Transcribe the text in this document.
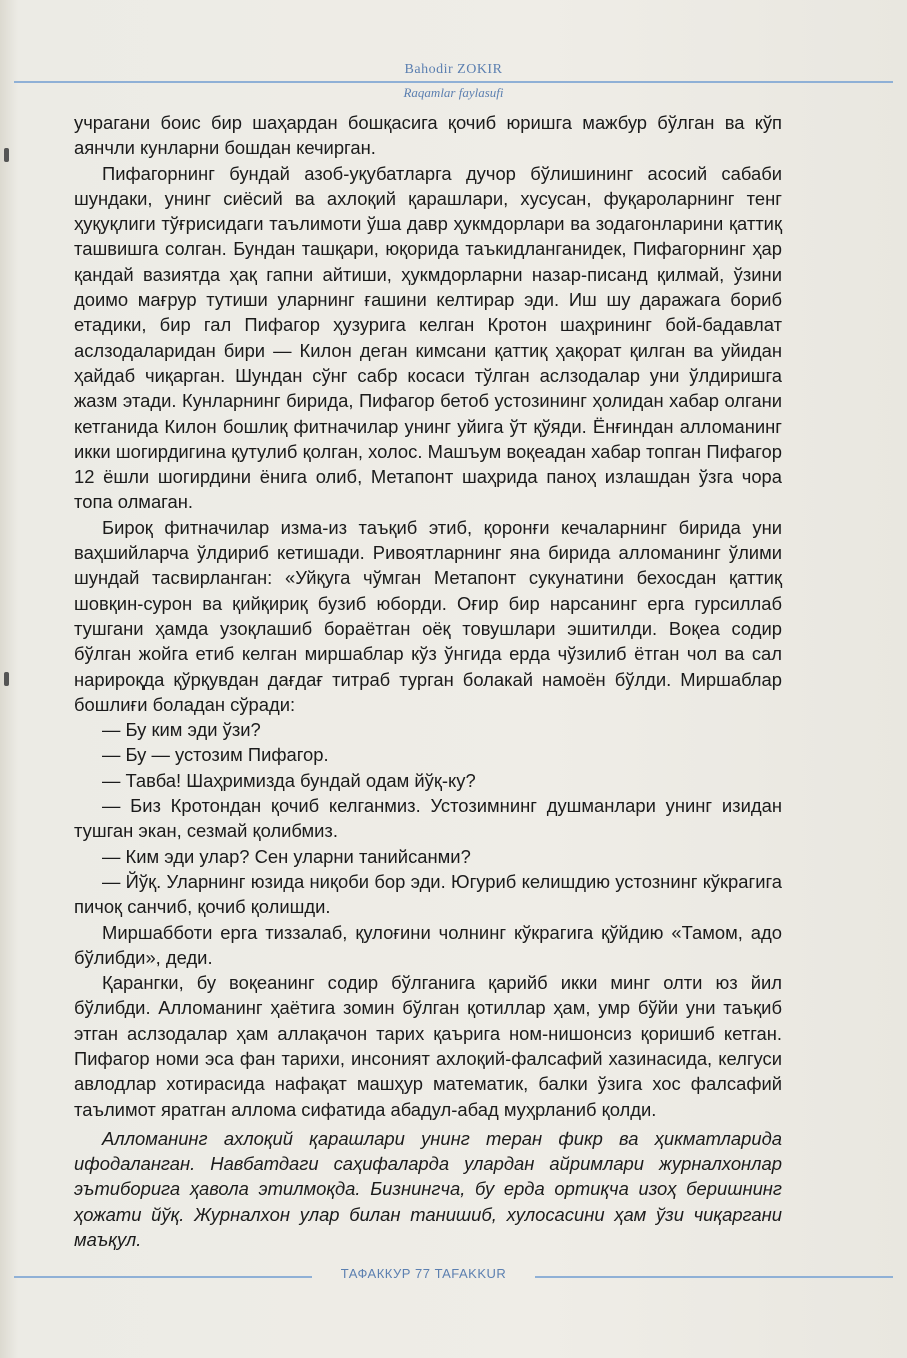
Bahodir ZOKIR
Raqamlar faylasufi

учрагани боис бир шаҳардан бошқасига қочиб юришга мажбур бўлган ва кўп аянчли кунларни бошдан кечирган.

Пифагорнинг бундай азоб-уқубатларга дучор бўлишининг асосий сабаби шундаки, унинг сиёсий ва ахлоқий қарашлари, хусусан, фуқароларнинг тенг ҳуқуқлиги тўғрисидаги таълимоти ўша давр ҳукмдорлари ва зодагонларини қаттиқ ташвишга солган. Бундан ташқари, юқорида таъкидланганидек, Пифагорнинг ҳар қандай вазиятда ҳақ гапни айтиши, ҳукмдорларни назар-писанд қилмай, ўзини доимо мағрур тутиши уларнинг ғашини келтирар эди. Иш шу даражага бориб етадики, бир гал Пифагор ҳузурига келган Кротон шаҳрининг бой-бадавлат аслзодаларидан бири — Килон деган кимсани қаттиқ ҳақорат қилган ва уйидан ҳайдаб чиқарган. Шундан сўнг сабр косаси тўлган аслзодалар уни ўлдиришга жазм этади. Кунларнинг бирида, Пифагор бетоб устозининг ҳолидан хабар олгани кетганида Килон бошлиқ фитначилар унинг уйига ўт қўяди. Ёнғиндан алломанинг икки шогирдигина қутулиб қолган, холос. Машъум воқеадан хабар топган Пифагор 12 ёшли шогирдини ёнига олиб, Метапонт шаҳрида паноҳ излашдан ўзга чора топа олмаган.

Бироқ фитначилар изма-из таъқиб этиб, қоронғи кечаларнинг бирида уни ваҳшийларча ўлдириб кетишади. Ривоятларнинг яна бирида алломанинг ўлими шундай тасвирланган: «Уйқуга чўмган Метапонт сукунатини бехосдан қаттиқ шовқин-сурон ва қийқириқ бузиб юборди. Оғир бир нарсанинг ерга гурсиллаб тушгани ҳамда узоқлашиб бораётган оёқ товушлари эшитилди. Воқеа содир бўлган жойга етиб келган миршаблар кўз ўнгида ерда чўзилиб ётган чол ва сал нарироқда қўрқувдан дағдағ титраб турган болакай намоён бўлди. Миршаблар бошлиғи боладан сўради:

— Бу ким эди ўзи?

— Бу — устозим Пифагор.

— Тавба! Шаҳримизда бундай одам йўқ-ку?

— Биз Кротондан қочиб келганмиз. Устозимнинг душманлари унинг изидан тушган экан, сезмай қолибмиз.

— Ким эди улар? Сен уларни танийсанми?

— Йўқ. Уларнинг юзида ниқоби бор эди. Югуриб келишдию устознинг кўкрагига пичоқ санчиб, қочиб қолишди.

Миршабботи ерга тиззалаб, қулоғини чолнинг кўкрагига қўйдию «Тамом, адо бўлибди», деди.

Қарангки, бу воқеанинг содир бўлганига қарийб икки минг олти юз йил бўлибди. Алломанинг ҳаётига зомин бўлган қотиллар ҳам, умр бўйи уни таъқиб этган аслзодалар ҳам аллақачон тарих қаърига ном-нишонсиз қоришиб кетган. Пифагор номи эса фан тарихи, инсоният ахлоқий-фалсафий хазинасида, келгуси авлодлар хотирасида нафақат машҳур математик, балки ўзига хос фалсафий таълимот яратган аллома сифатида абадул-абад муҳрланиб қолди.

Алломанинг ахлоқий қарашлари унинг теран фикр ва ҳикматларида ифодаланган. Навбатдаги саҳифаларда улардан айримлари журналхонлар эътиборига ҳавола этилмоқда. Бизнингча, бу ерда ортиқча изоҳ беришнинг ҳожати йўқ. Журналхон улар билан танишиб, хулосасини ҳам ўзи чиқаргани маъқул.

ТАФАККУР 77 TAFAKKUR
